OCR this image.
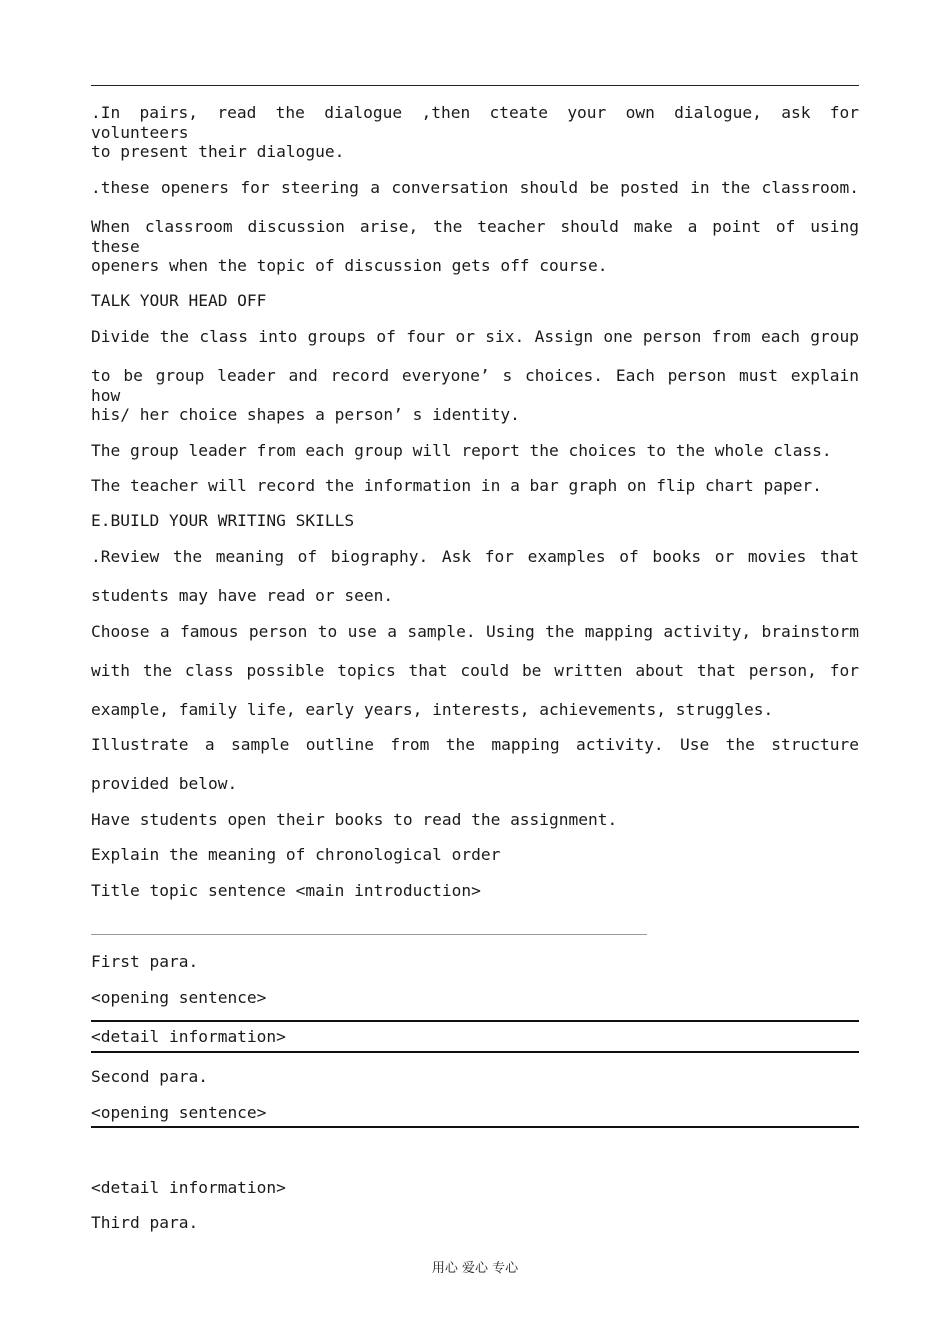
.In pairs, read the dialogue ,then cteate your own dialogue, ask for volunteers
to present their dialogue.
.these openers for steering a conversation should be posted in the classroom.
When classroom discussion arise, the teacher should make a point of using these
openers when the topic of discussion gets off course.
TALK YOUR HEAD OFF
Divide the class into groups of four or six. Assign one person from each group
to be group leader and record everyone’ s choices. Each person must explain how
his/ her choice shapes a person’ s identity.
The group leader from each group will report the choices to the whole class.
The teacher will record the information in a bar graph on flip chart paper.
E.BUILD YOUR WRITING SKILLS
.Review the meaning of biography. Ask for examples of books or movies that
students may have read or seen.
Choose a famous person to use a sample. Using the mapping activity, brainstorm
with the class possible topics that could be written about that person, for
example, family life, early years, interests, achievements, struggles.
Illustrate a sample outline from the mapping activity. Use the structure
provided below.
Have students open their books to read the assignment.
Explain the meaning of chronological order
Title topic sentence <main introduction>
First para.
<opening sentence>
<detail information>
Second para.
<opening sentence>
<detail information>
Third para.
用心 爱心 专心
